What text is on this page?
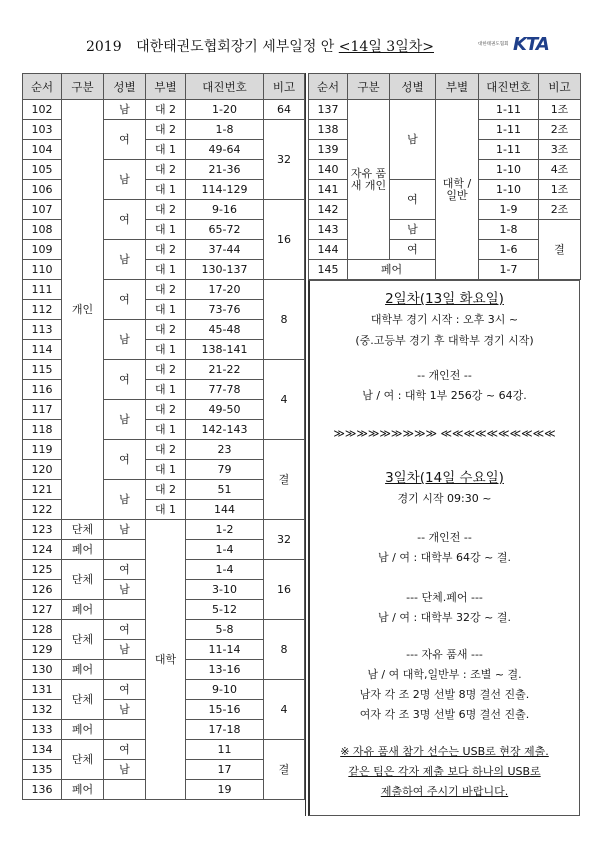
2019 대한태권도협회장기 세부일정 안 <14일 3일차>	대한태권도협회 KTA
순서	구분	성별	부별	대진번호	비고
102	개인	남	대 2	1-20	64
103		여	대 2	1-8	32
104			대 1	49-64	
105		남	대 2	21-36	
106			대 1	114-129	
107		여	대 2	9-16	16
108			대 1	65-72	
109		남	대 2	37-44	
110			대 1	130-137	
111		여	대 2	17-20	8
112			대 1	73-76	
113		남	대 2	45-48	
114			대 1	138-141	
115		여	대 2	21-22	4
116			대 1	77-78	
117		남	대 2	49-50	
118			대 1	142-143	
119		여	대 2	23	결
120			대 1	79	
121		남	대 2	51	
122			대 1	144	
123	단체	남	대학	1-2	32
124	페어			1-4	
125	단체	여		1-4	16
126		남		3-10	
127	페어			5-12	
128	단체	여		5-8	8
129		남		11-14	
130	페어			13-16	
131	단체	여		9-10	4
132		남		15-16	
133	페어			17-18	
134	단체	여		11	결
135		남		17	
136	페어			19	
순서	구분	성별	부별	대진번호	비고
137	자유 품새 개인	남	대학 / 일반	1-11	1조
138				1-11	2조
139				1-11	3조
140				1-10	4조
141		여		1-10	1조
142				1-9	2조
143		남		1-8	결
144		여		1-6	
145	페어			1-7	
2일차(13일 화요일)
대학부 경기 시작 : 오후 3시 ~
(중.고등부 경기 후 대학부 경기 시작)
-- 개인전 --
남 / 여 : 대학 1부 256강 ~ 64강.
≫≫≫≫≫≫≫≫≫ ≪≪≪≪≪≪≪≪≪≪
3일차(14일 수요일)
경기 시작 09:30 ~
-- 개인전 --
남 / 여 : 대학부 64강 ~ 결.
--- 단체.페어 ---
남 / 여 : 대학부 32강 ~ 결.
--- 자유 품새 ---
남 / 여 대학,일반부 : 조별 ~ 결.
남자 각 조 2명 선발 8명 결선 진출.
여자 각 조 3명 선발 6명 결선 진출.
※ 자유 품새 참가 선수는 USB로 현장 제출.
같은 팀은 각자 제출 보다 하나의 USB로
제출하여 주시기 바랍니다.
